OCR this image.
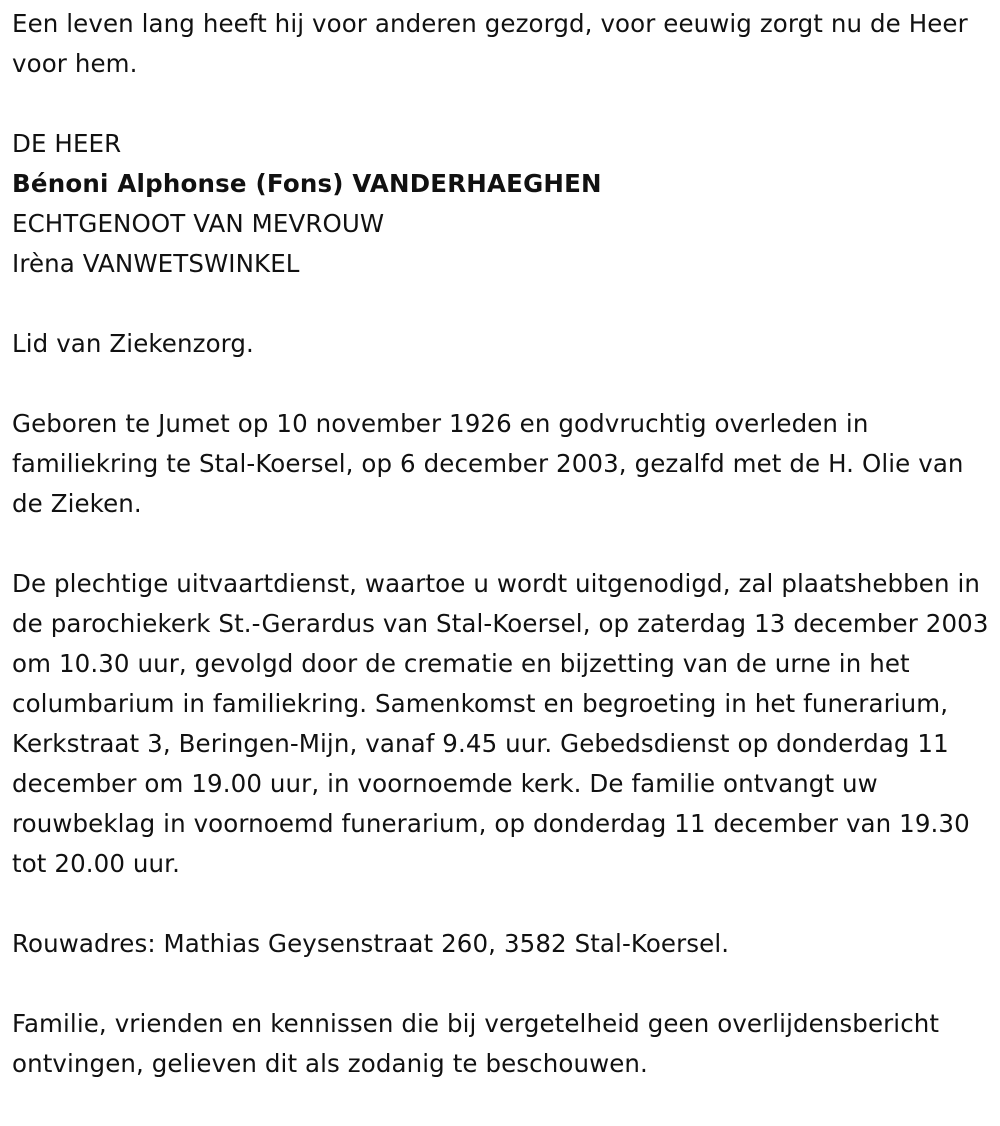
Een leven lang heeft hij voor anderen gezorgd, voor eeuwig zorgt nu de Heer voor hem.

DE HEER

Bénoni Alphonse (Fons) VANDERHAEGHEN

ECHTGENOOT VAN MEVROUW

Irèna VANWETSWINKEL

Lid van Ziekenzorg.

Geboren te Jumet op 10 november 1926 en godvruchtig overleden in familiekring te Stal-Koersel, op 6 december 2003, gezalfd met de H. Olie van de Zieken.

De plechtige uitvaartdienst, waartoe u wordt uitgenodigd, zal plaatshebben in de parochiekerk St.-Gerardus van Stal-Koersel, op zaterdag 13 december 2003 om 10.30 uur, gevolgd door de crematie en bijzetting van de urne in het columbarium in familiekring. Samenkomst en begroeting in het funerarium, Kerkstraat 3, Beringen-Mijn, vanaf 9.45 uur. Gebedsdienst op donderdag 11 december om 19.00 uur, in voornoemde kerk. De familie ontvangt uw rouwbeklag in voornoemd funerarium, op donderdag 11 december van 19.30 tot 20.00 uur.

Rouwadres: Mathias Geysenstraat 260, 3582 Stal-Koersel.

Familie, vrienden en kennissen die bij vergetelheid geen overlijdensbericht ontvingen, gelieven dit als zodanig te beschouwen.
